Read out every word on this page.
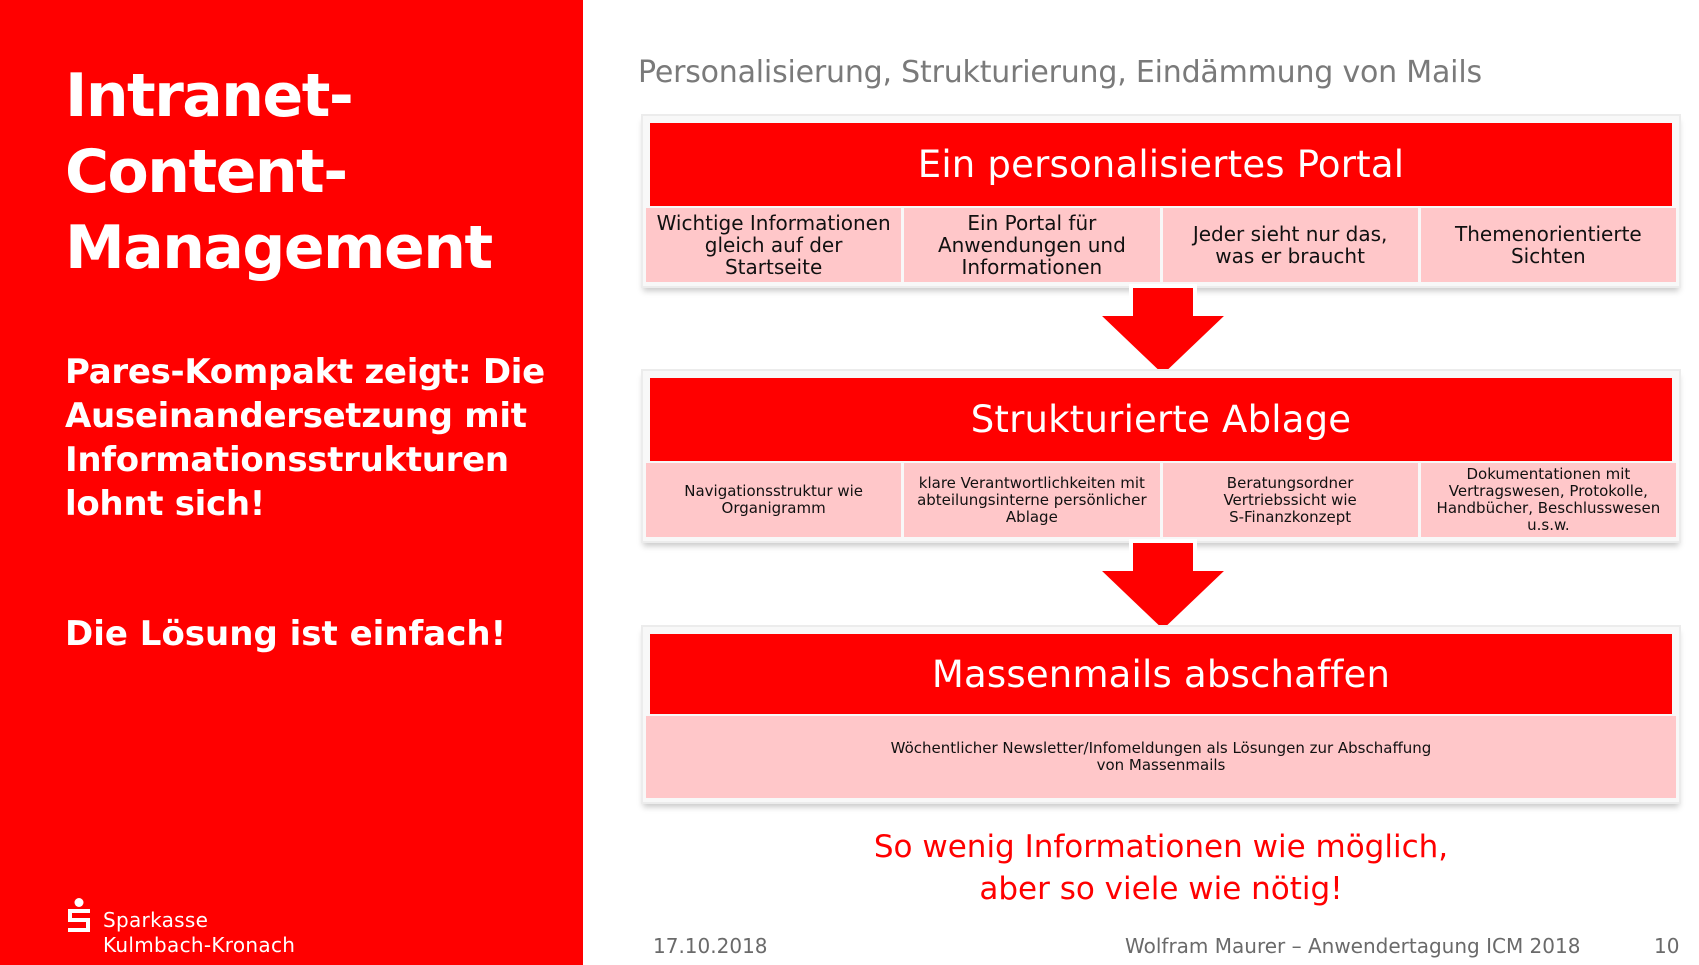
Intranet-
Content-
Management
Pares-Kompakt zeigt: Die
Auseinandersetzung mit
Informationsstrukturen
lohnt sich!
Die Lösung ist einfach!
Sparkasse
Kulmbach-Kronach
Personalisierung, Strukturierung, Eindämmung von Mails
Ein personalisiertes Portal
Wichtige Informationen
gleich auf der
Startseite
Ein Portal für
Anwendungen und
Informationen
Jeder sieht nur das,
was er braucht
Themenorientierte
Sichten
Strukturierte Ablage
Navigationsstruktur wie
Organigramm
klare Verantwortlichkeiten mit
abteilungsinterne persönlicher
Ablage
Beratungsordner
Vertriebssicht wie
S-Finanzkonzept
Dokumentationen mit
Vertragswesen, Protokolle,
Handbücher, Beschlusswesen
u.s.w.
Massenmails abschaffen
Wöchentlicher Newsletter/Infomeldungen als Lösungen zur Abschaffung
von Massenmails
So wenig Informationen wie möglich,
aber so viele wie nötig!
17.10.2018	Wolfram Maurer – Anwendertagung ICM 2018	10
